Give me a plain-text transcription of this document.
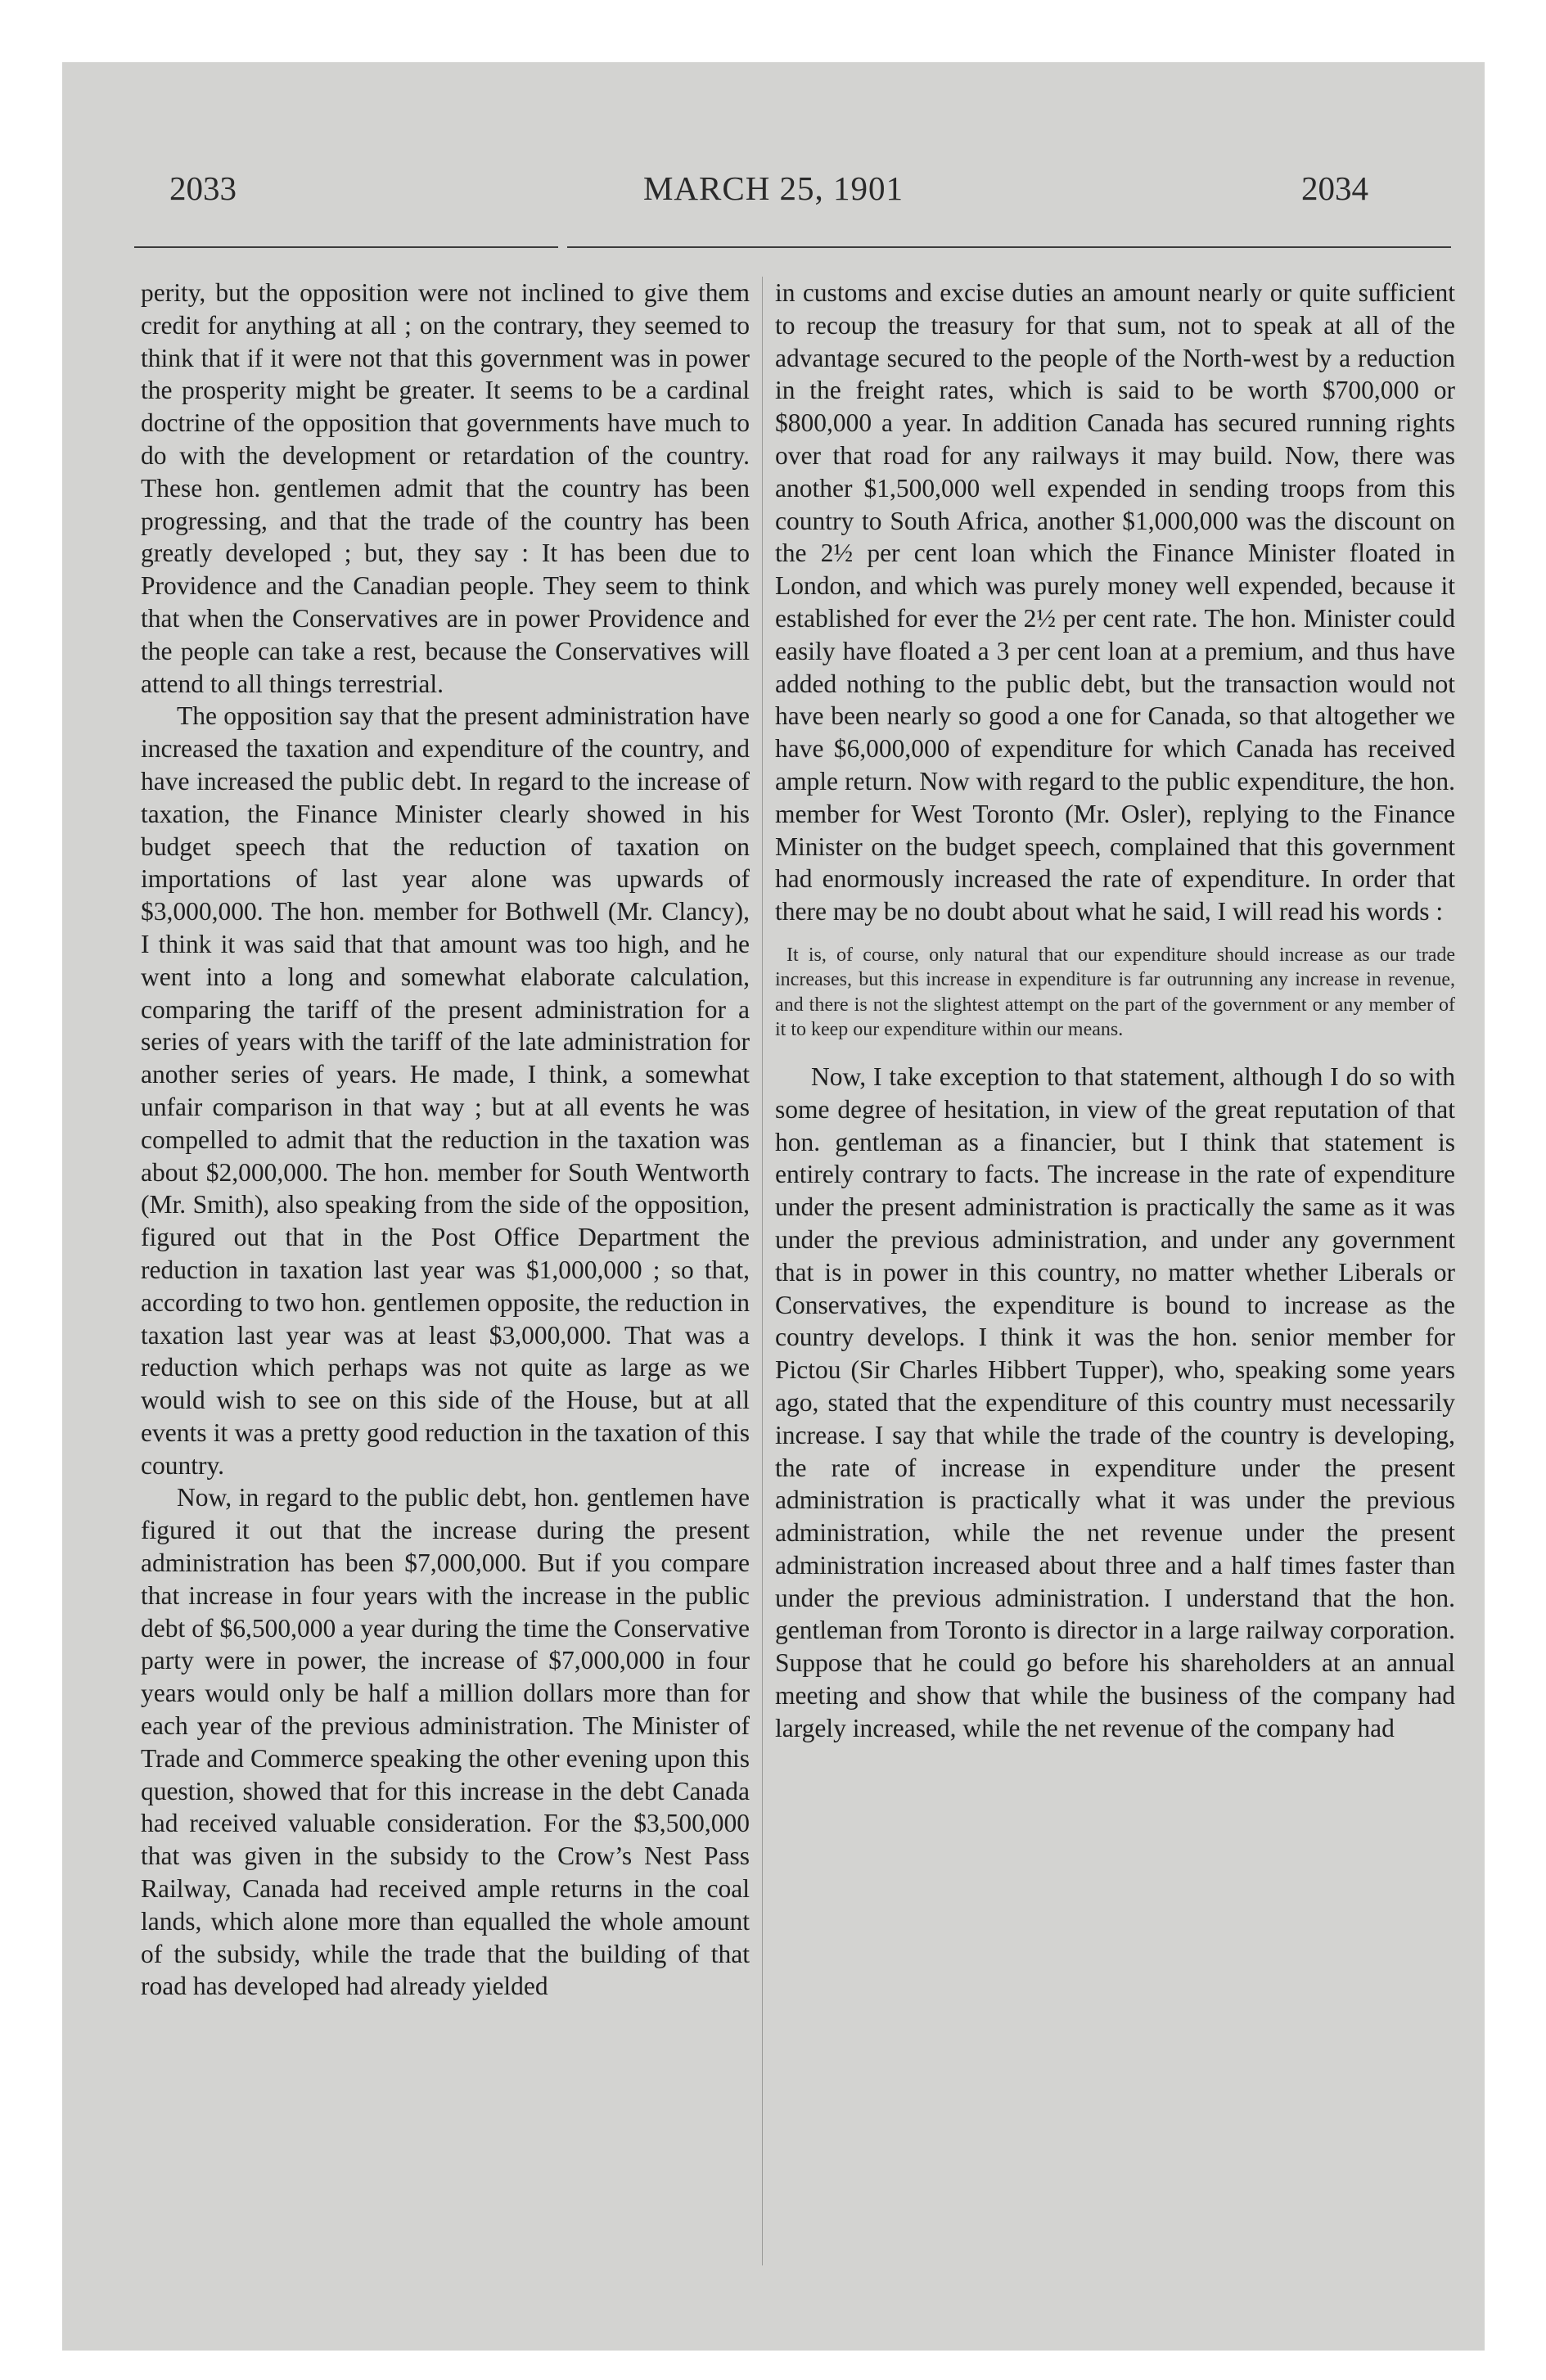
2033	MARCH 25, 1901	2034

perity, but the opposition were not inclined to give them credit for anything at all ; on the contrary, they seemed to think that if it were not that this government was in power the prosperity might be greater. It seems to be a cardinal doctrine of the opposition that governments have much to do with the development or retardation of the country. These hon. gentlemen admit that the country has been progressing, and that the trade of the country has been greatly developed ; but, they say : It has been due to Providence and the Canadian people. They seem to think that when the Conservatives are in power Providence and the people can take a rest, because the Conservatives will attend to all things terrestrial.

The opposition say that the present administration have increased the taxation and expenditure of the country, and have increased the public debt. In regard to the increase of taxation, the Finance Minister clearly showed in his budget speech that the reduction of taxation on importations of last year alone was upwards of $3,000,000. The hon. member for Bothwell (Mr. Clancy), I think it was said that that amount was too high, and he went into a long and somewhat elaborate calculation, comparing the tariff of the present administration for a series of years with the tariff of the late administration for another series of years. He made, I think, a somewhat unfair comparison in that way ; but at all events he was compelled to admit that the reduction in the taxation was about $2,000,000. The hon. member for South Wentworth (Mr. Smith), also speaking from the side of the opposition, figured out that in the Post Office Department the reduction in taxation last year was $1,000,000 ; so that, according to two hon. gentlemen opposite, the reduction in taxation last year was at least $3,000,000. That was a reduction which perhaps was not quite as large as we would wish to see on this side of the House, but at all events it was a pretty good reduction in the taxation of this country.

Now, in regard to the public debt, hon. gentlemen have figured it out that the increase during the present administration has been $7,000,000. But if you compare that increase in four years with the increase in the public debt of $6,500,000 a year during the time the Conservative party were in power, the increase of $7,000,000 in four years would only be half a million dollars more than for each year of the previous administration. The Minister of Trade and Commerce speaking the other evening upon this question, showed that for this increase in the debt Canada had received valuable consideration. For the $3,500,000 that was given in the subsidy to the Crow’s Nest Pass Railway, Canada had received ample returns in the coal lands, which alone more than equalled the whole amount of the subsidy, while the trade that the building of that road has developed had already yielded

in customs and excise duties an amount nearly or quite sufficient to recoup the treasury for that sum, not to speak at all of the advantage secured to the people of the North-west by a reduction in the freight rates, which is said to be worth $700,000 or $800,000 a year. In addition Canada has secured running rights over that road for any railways it may build. Now, there was another $1,500,000 well expended in sending troops from this country to South Africa, another $1,000,000 was the discount on the 2½ per cent loan which the Finance Minister floated in London, and which was purely money well expended, because it established for ever the 2½ per cent rate. The hon. Minister could easily have floated a 3 per cent loan at a premium, and thus have added nothing to the public debt, but the transaction would not have been nearly so good a one for Canada, so that altogether we have $6,000,000 of expenditure for which Canada has received ample return. Now with regard to the public expenditure, the hon. member for West Toronto (Mr. Osler), replying to the Finance Minister on the budget speech, complained that this government had enormously increased the rate of expenditure. In order that there may be no doubt about what he said, I will read his words :

It is, of course, only natural that our expenditure should increase as our trade increases, but this increase in expenditure is far outrunning any increase in revenue, and there is not the slightest attempt on the part of the government or any member of it to keep our expenditure within our means.

Now, I take exception to that statement, although I do so with some degree of hesitation, in view of the great reputation of that hon. gentleman as a financier, but I think that statement is entirely contrary to facts. The increase in the rate of expenditure under the present administration is practically the same as it was under the previous administration, and under any government that is in power in this country, no matter whether Liberals or Conservatives, the expenditure is bound to increase as the country develops. I think it was the hon. senior member for Pictou (Sir Charles Hibbert Tupper), who, speaking some years ago, stated that the expenditure of this country must necessarily increase. I say that while the trade of the country is developing, the rate of increase in expenditure under the present administration is practically what it was under the previous administration, while the net revenue under the present administration increased about three and a half times faster than under the previous administration. I understand that the hon. gentleman from Toronto is director in a large railway corporation. Suppose that he could go before his shareholders at an annual meeting and show that while the business of the company had largely increased, while the net revenue of the company had
